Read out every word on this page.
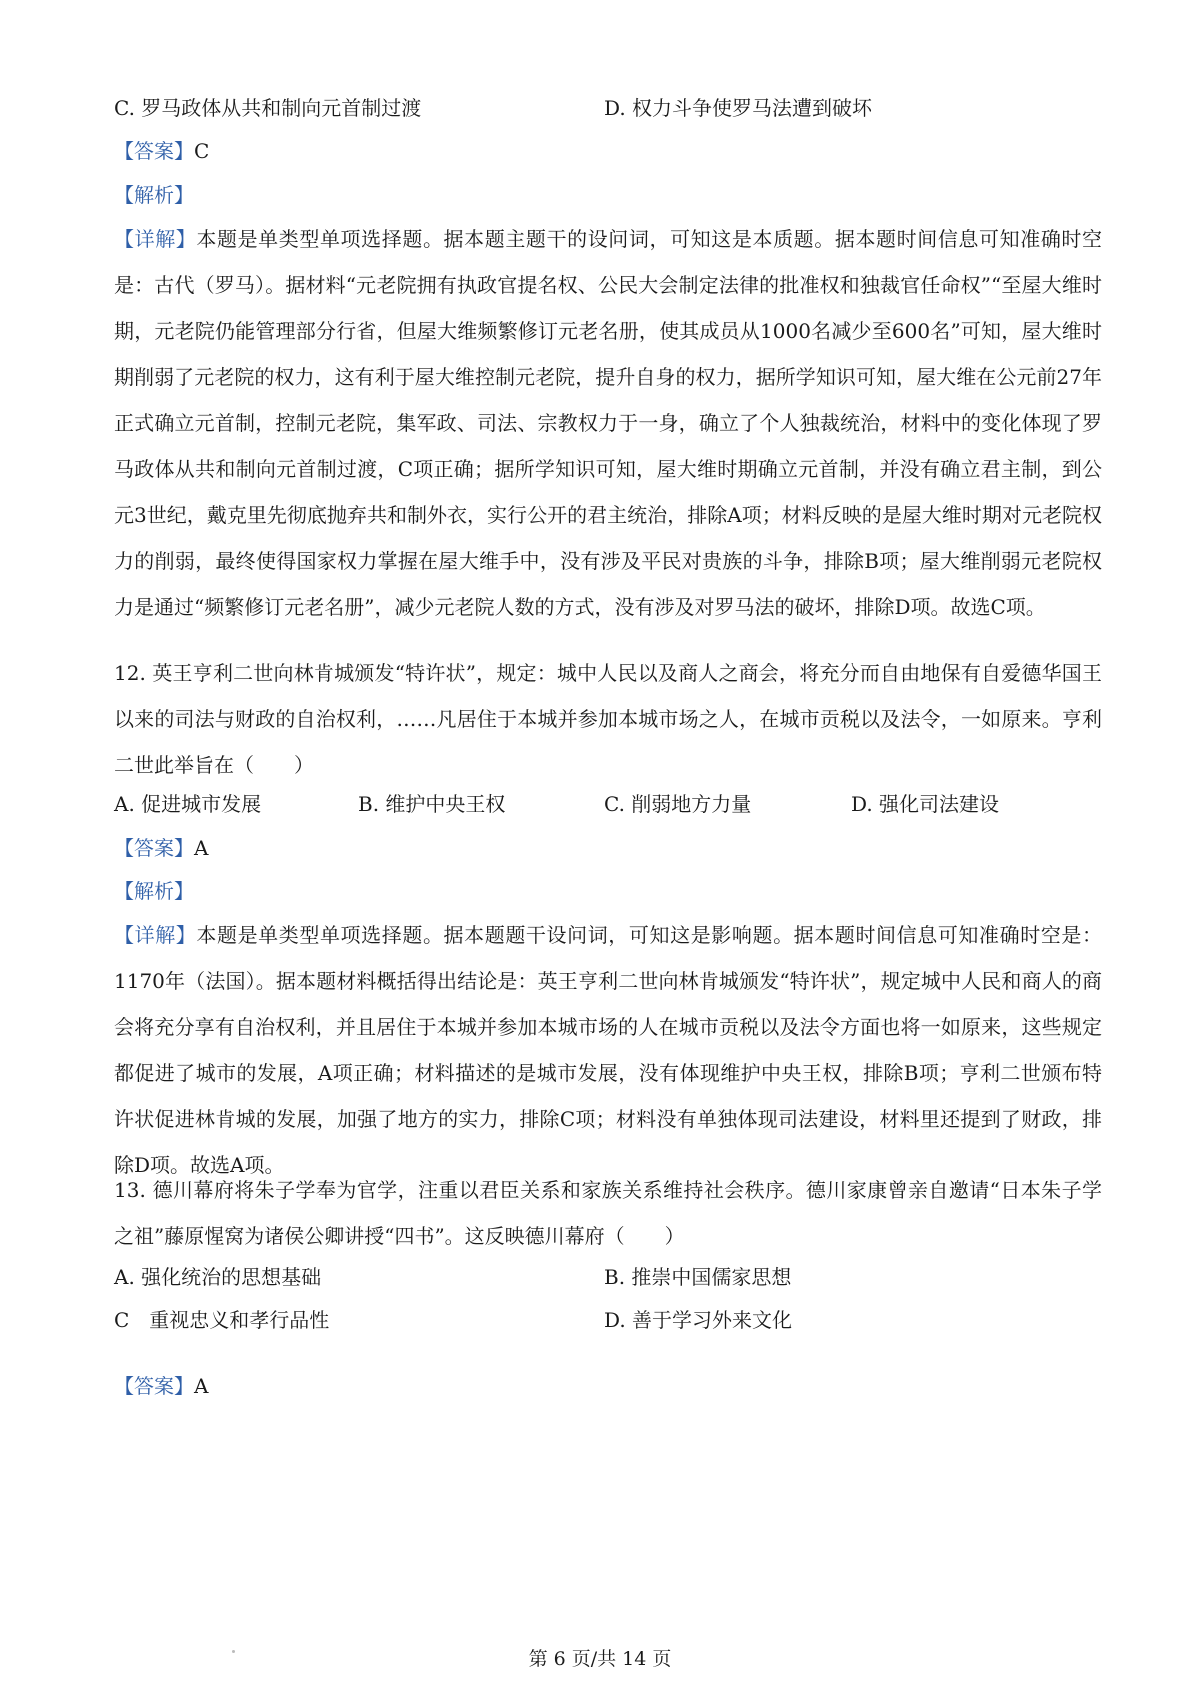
C. 罗马政体从共和制向元首制过渡	D. 权力斗争使罗马法遭到破坏
【答案】C
【解析】
【详解】本题是单类型单项选择题。据本题主题干的设问词，可知这是本质题。据本题时间信息可知准确时空是：古代（罗马）。据材料“元老院拥有执政官提名权、公民大会制定法律的批准权和独裁官任命权”“至屋大维时期，元老院仍能管理部分行省，但屋大维频繁修订元老名册，使其成员从1000名减少至600名”可知，屋大维时期削弱了元老院的权力，这有利于屋大维控制元老院，提升自身的权力，据所学知识可知，屋大维在公元前27年正式确立元首制，控制元老院，集军政、司法、宗教权力于一身，确立了个人独裁统治，材料中的变化体现了罗马政体从共和制向元首制过渡，C项正确；据所学知识可知，屋大维时期确立元首制，并没有确立君主制，到公元3世纪，戴克里先彻底抛弃共和制外衣，实行公开的君主统治，排除A项；材料反映的是屋大维时期对元老院权力的削弱，最终使得国家权力掌握在屋大维手中，没有涉及平民对贵族的斗争，排除B项；屋大维削弱元老院权力是通过“频繁修订元老名册”，减少元老院人数的方式，没有涉及对罗马法的破坏，排除D项。故选C项。
12. 英王亨利二世向林肯城颁发“特许状”，规定：城中人民以及商人之商会，将充分而自由地保有自爱德华国王以来的司法与财政的自治权利，……凡居住于本城并参加本城市场之人，在城市贡税以及法令，一如原来。亨利二世此举旨在（　　）
A. 促进城市发展	B. 维护中央王权	C. 削弱地方力量	D. 强化司法建设
【答案】A
【解析】
【详解】本题是单类型单项选择题。据本题题干设问词，可知这是影响题。据本题时间信息可知准确时空是：1170年（法国）。据本题材料概括得出结论是：英王亨利二世向林肯城颁发“特许状”，规定城中人民和商人的商会将充分享有自治权利，并且居住于本城并参加本城市场的人在城市贡税以及法令方面也将一如原来，这些规定都促进了城市的发展，A项正确；材料描述的是城市发展，没有体现维护中央王权，排除B项；亨利二世颁布特许状促进林肯城的发展，加强了地方的实力，排除C项；材料没有单独体现司法建设，材料里还提到了财政，排除D项。故选A项。
13. 德川幕府将朱子学奉为官学，注重以君臣关系和家族关系维持社会秩序。德川家康曾亲自邀请“日本朱子学之祖”藤原惺窝为诸侯公卿讲授“四书”。这反映德川幕府（　　）
A. 强化统治的思想基础	B. 推崇中国儒家思想
C　重视忠义和孝行品性	D. 善于学习外来文化
【答案】A
第 6 页/共 14 页
